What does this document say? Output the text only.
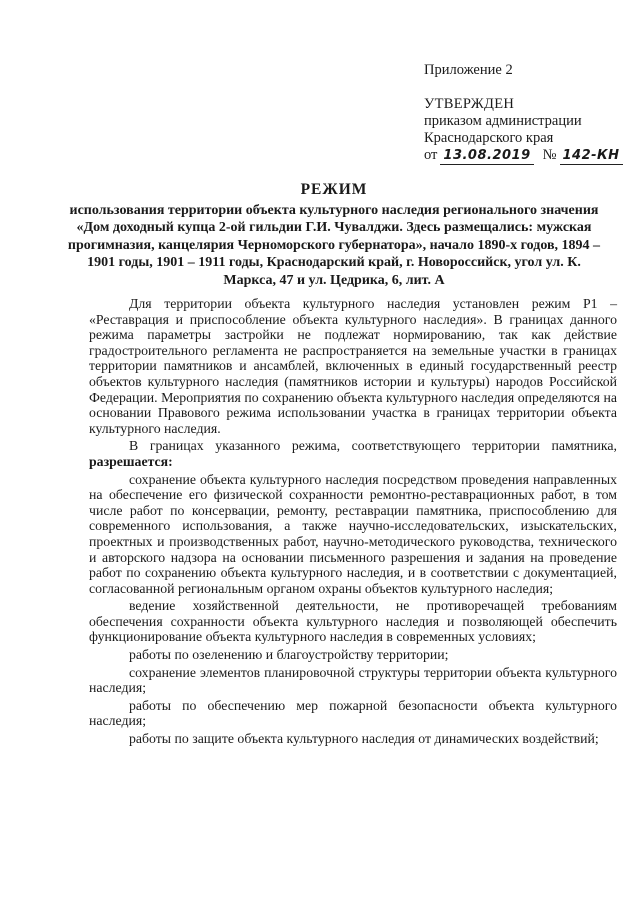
Приложение 2
УТВЕРЖДЕН
приказом администрации
Краснодарского края
от 13.08.2019 № 142-КН
РЕЖИМ
использования территории объекта культурного наследия регионального значения «Дом доходный купца 2-ой гильдии Г.И. Чувалджи. Здесь размещались: мужская прогимназия, канцелярия Черноморского губернатора», начало 1890-х годов, 1894 – 1901 годы, 1901 – 1911 годы, Краснодарский край, г. Новороссийск, угол ул. К. Маркса, 47 и ул. Цедрика, 6, лит. А

Для территории объекта культурного наследия установлен режим Р1 – «Реставрация и приспособление объекта культурного наследия». В границах данного режима параметры застройки не подлежат нормированию, так как действие градостроительного регламента не распространяется на земельные участки в границах территории памятников и ансамблей, включенных в единый государственный реестр объектов культурного наследия (памятников истории и культуры) народов Российской Федерации. Мероприятия по сохранению объекта культурного наследия определяются на основании Правового режима использовании участка в границах территории объекта культурного наследия.

В границах указанного режима, соответствующего территории памятника, разрешается:

сохранение объекта культурного наследия посредством проведения направленных на обеспечение его физической сохранности ремонтно-реставрационных работ, в том числе работ по консервации, ремонту, реставрации памятника, приспособлению для современного использования, а также научно-исследовательских, изыскательских, проектных и производственных работ, научно-методического руководства, технического и авторского надзора на основании письменного разрешения и задания на проведение работ по сохранению объекта культурного наследия, и в соответствии с документацией, согласованной региональным органом охраны объектов культурного наследия;

ведение хозяйственной деятельности, не противоречащей требованиям обеспечения сохранности объекта культурного наследия и позволяющей обеспечить функционирование объекта культурного наследия в современных условиях;

работы по озеленению и благоустройству территории;

сохранение элементов планировочной структуры территории объекта культурного наследия;

работы по обеспечению мер пожарной безопасности объекта культурного наследия;

работы по защите объекта культурного наследия от динамических воздействий;
